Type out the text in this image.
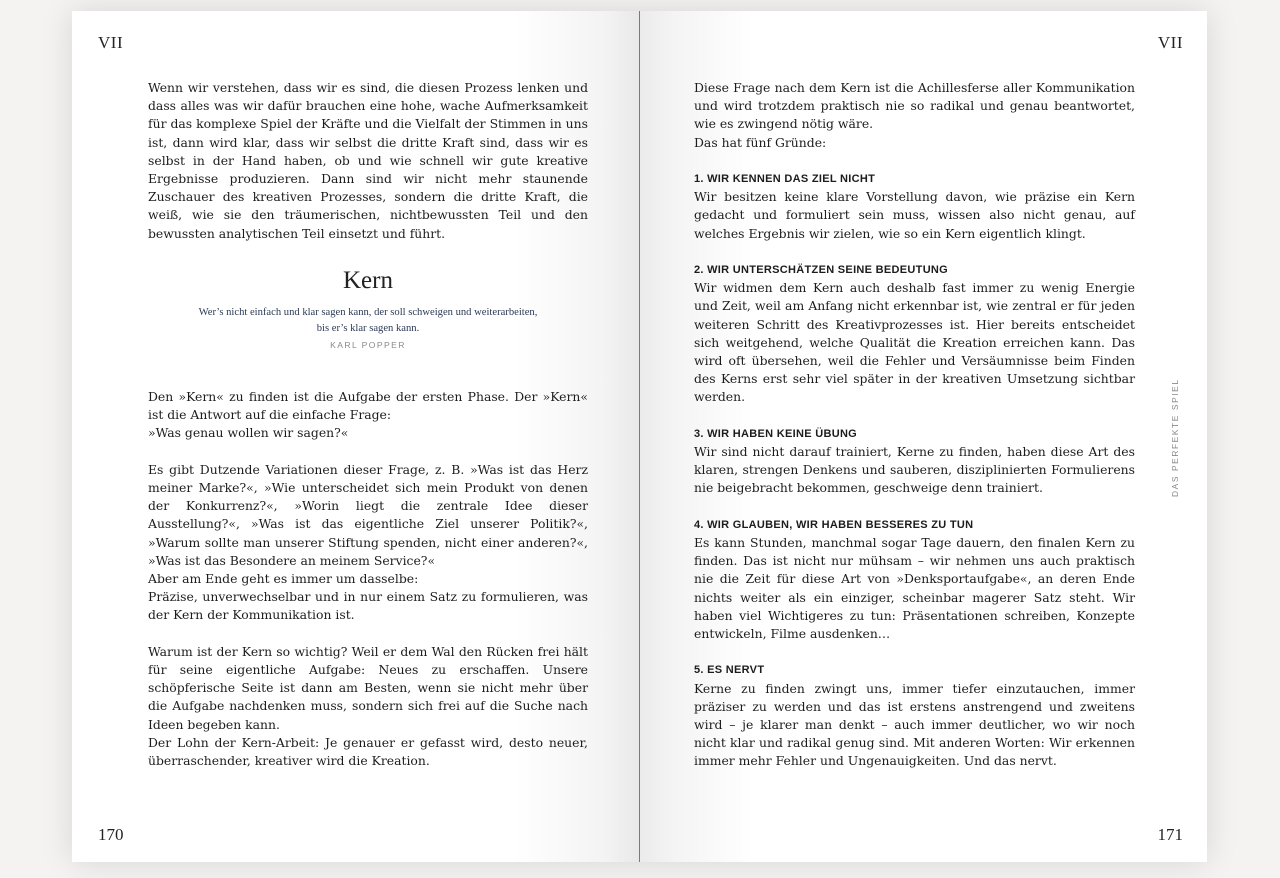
VII

Wenn wir verstehen, dass wir es sind, die diesen Prozess lenken und dass alles was wir dafür brauchen eine hohe, wache Aufmerksamkeit für das komplexe Spiel der Kräfte und die Vielfalt der Stimmen in uns ist, dann wird klar, dass wir selbst die dritte Kraft sind, dass wir es selbst in der Hand haben, ob und wie schnell wir gute kreative Ergebnisse produzieren. Dann sind wir nicht mehr staunende Zuschauer des kreativen Prozesses, sondern die dritte Kraft, die weiß, wie sie den träumerischen, nichtbewussten Teil und den bewussten analytischen Teil einsetzt und führt.

Kern
Wer’s nicht einfach und klar sagen kann, der soll schweigen und weiterarbeiten,
bis er’s klar sagen kann.
KARL POPPER

Den »Kern« zu finden ist die Aufgabe der ersten Phase. Der »Kern« ist die Antwort auf die einfache Frage:

»Was genau wollen wir sagen?«

Es gibt Dutzende Variationen dieser Frage, z. B. »Was ist das Herz meiner Marke?«, »Wie unterscheidet sich mein Produkt von denen der Konkurrenz?«, »Worin liegt die zentrale Idee dieser Ausstellung?«, »Was ist das eigentliche Ziel unserer Politik?«, »Warum sollte man unserer Stiftung spenden, nicht einer anderen?«, »Was ist das Besondere an meinem Service?«

Aber am Ende geht es immer um dasselbe:

Präzise, unverwechselbar und in nur einem Satz zu formulieren, was der Kern der Kommunikation ist.

Warum ist der Kern so wichtig? Weil er dem Wal den Rücken frei hält für seine eigentliche Aufgabe: Neues zu erschaffen. Unsere schöpferische Seite ist dann am Besten, wenn sie nicht mehr über die Aufgabe nachdenken muss, sondern sich frei auf die Suche nach Ideen begeben kann.

Der Lohn der Kern-Arbeit: Je genauer er gefasst wird, desto neuer, überraschender, kreativer wird die Kreation.

170
VII

Diese Frage nach dem Kern ist die Achillesferse aller Kommunikation und wird trotzdem praktisch nie so radikal und genau beantwortet, wie es zwingend nötig wäre.

Das hat fünf Gründe:

1. WIR KENNEN DAS ZIEL NICHT

Wir besitzen keine klare Vorstellung davon, wie präzise ein Kern gedacht und formuliert sein muss, wissen also nicht genau, auf welches Ergebnis wir zielen, wie so ein Kern eigentlich klingt.

2. WIR UNTERSCHÄTZEN SEINE BEDEUTUNG

Wir widmen dem Kern auch deshalb fast immer zu wenig Energie und Zeit, weil am Anfang nicht erkennbar ist, wie zentral er für jeden weiteren Schritt des Kreativprozesses ist. Hier bereits entscheidet sich weitgehend, welche Qualität die Kreation erreichen kann. Das wird oft übersehen, weil die Fehler und Versäumnisse beim Finden des Kerns erst sehr viel später in der kreativen Umsetzung sichtbar werden.

3. WIR HABEN KEINE ÜBUNG

Wir sind nicht darauf trainiert, Kerne zu finden, haben diese Art des klaren, strengen Denkens und sauberen, disziplinierten Formulierens nie beigebracht bekommen, geschweige denn trainiert.

4. WIR GLAUBEN, WIR HABEN BESSERES ZU TUN

Es kann Stunden, manchmal sogar Tage dauern, den finalen Kern zu finden. Das ist nicht nur mühsam – wir nehmen uns auch praktisch nie die Zeit für diese Art von »Denksportaufgabe«, an deren Ende nichts weiter als ein einziger, scheinbar magerer Satz steht. Wir haben viel Wichtigeres zu tun: Präsentationen schreiben, Konzepte entwickeln, Filme ausdenken…

5. ES NERVT

Kerne zu finden zwingt uns, immer tiefer einzutauchen, immer präziser zu werden und das ist erstens anstrengend und zweitens wird – je klarer man denkt – auch immer deutlicher, wo wir noch nicht klar und radikal genug sind. Mit anderen Worten: Wir erkennen immer mehr Fehler und Ungenauigkeiten. Und das nervt.

DAS PERFEKTE SPIEL
171
